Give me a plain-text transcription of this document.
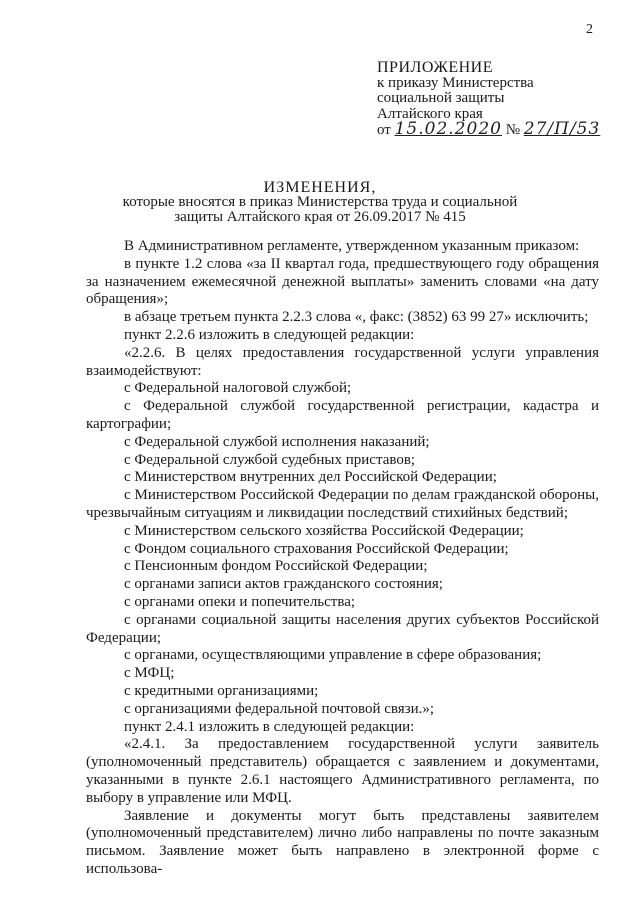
2
ПРИЛОЖЕНИЕ
к приказу Министерства
социальной защиты
Алтайского края
от 15.02.2020 № 27/П/53
ИЗМЕНЕНИЯ,
которые вносятся в приказ Министерства труда и социальной
защиты Алтайского края от 26.09.2017 № 415

В Административном регламенте, утвержденном указанным приказом:

в пункте 1.2 слова «за II квартал года, предшествующего году обращения за назначением ежемесячной денежной выплаты» заменить словами «на дату обращения»;

в абзаце третьем пункта 2.2.3 слова «, факс: (3852) 63 99 27» исключить;

пункт 2.2.6 изложить в следующей редакции:

«2.2.6. В целях предоставления государственной услуги управления взаимодействуют:

с Федеральной налоговой службой;

с Федеральной службой государственной регистрации, кадастра и картографии;

с Федеральной службой исполнения наказаний;

с Федеральной службой судебных приставов;

с Министерством внутренних дел Российской Федерации;

с Министерством Российской Федерации по делам гражданской обороны, чрезвычайным ситуациям и ликвидации последствий стихийных бедствий;

с Министерством сельского хозяйства Российской Федерации;

с Фондом социального страхования Российской Федерации;

с Пенсионным фондом Российской Федерации;

с органами записи актов гражданского состояния;

с органами опеки и попечительства;

с органами социальной защиты населения других субъектов Российской Федерации;

с органами, осуществляющими управление в сфере образования;

с МФЦ;

с кредитными организациями;

с организациями федеральной почтовой связи.»;

пункт 2.4.1 изложить в следующей редакции:

«2.4.1. За предоставлением государственной услуги заявитель (уполномоченный представитель) обращается с заявлением и документами, указанными в пункте 2.6.1 настоящего Административного регламента, по выбору в управление или МФЦ.

Заявление и документы могут быть представлены заявителем (уполномоченный представителем) лично либо направлены по почте заказным письмом. Заявление может быть направлено в электронной форме с использова-
